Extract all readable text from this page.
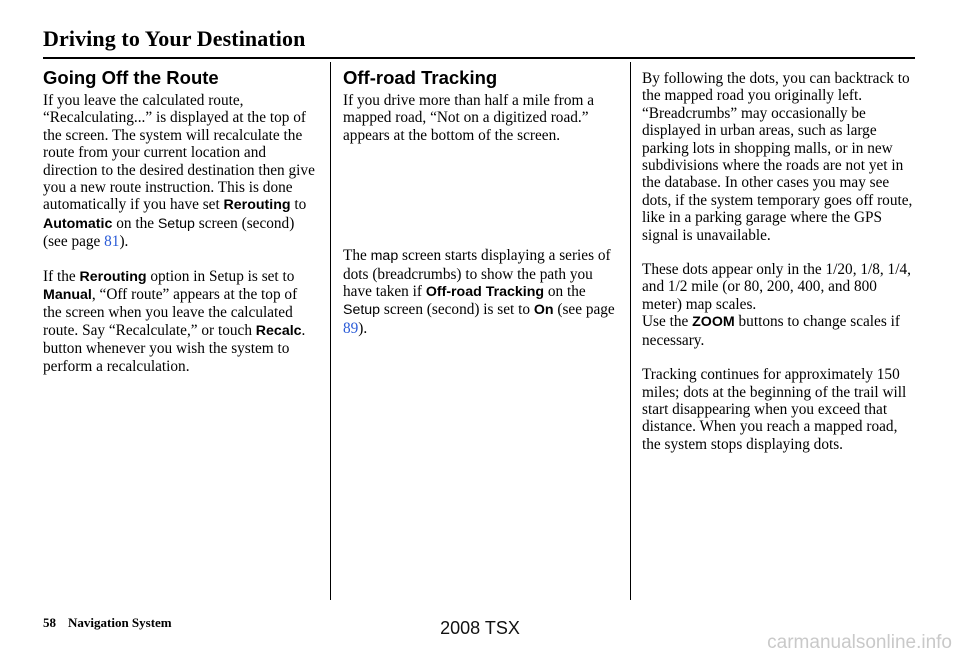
Driving to Your Destination
Going Off the Route

If you leave the calculated route, “Recalculating...” is displayed at the top of the screen. The system will recalculate the route from your current location and direction to the desired destination then give you a new route instruction. This is done automatically if you have set Rerouting to Automatic on the Setup screen (second) (see page 81).

If the Rerouting option in Setup is set to Manual, “Off route” appears at the top of the screen when you leave the calculated route. Say “Recalculate,” or touch Recalc. button whenever you wish the system to perform a recalculation.

Off-road Tracking

If you drive more than half a mile from a mapped road, “Not on a digitized road.” appears at the bottom of the screen.

The map screen starts displaying a series of dots (breadcrumbs) to show the path you have taken if Off-road Tracking on the Setup screen (second) is set to On (see page 89).

By following the dots, you can backtrack to the mapped road you originally left. “Breadcrumbs” may occasionally be displayed in urban areas, such as large parking lots in shopping malls, or in new subdivisions where the roads are not yet in the database. In other cases you may see dots, if the system temporary goes off route, like in a parking garage where the GPS signal is unavailable.

These dots appear only in the 1/20, 1/8, 1/4, and 1/2 mile (or 80, 200, 400, and 800 meter) map scales.
Use the ZOOM buttons to change scales if necessary.

Tracking continues for approximately 150 miles; dots at the beginning of the trail will start disappearing when you exceed that distance. When you reach a mapped road, the system stops displaying dots.

58 Navigation System	2008 TSX
carmanualsonline.info
